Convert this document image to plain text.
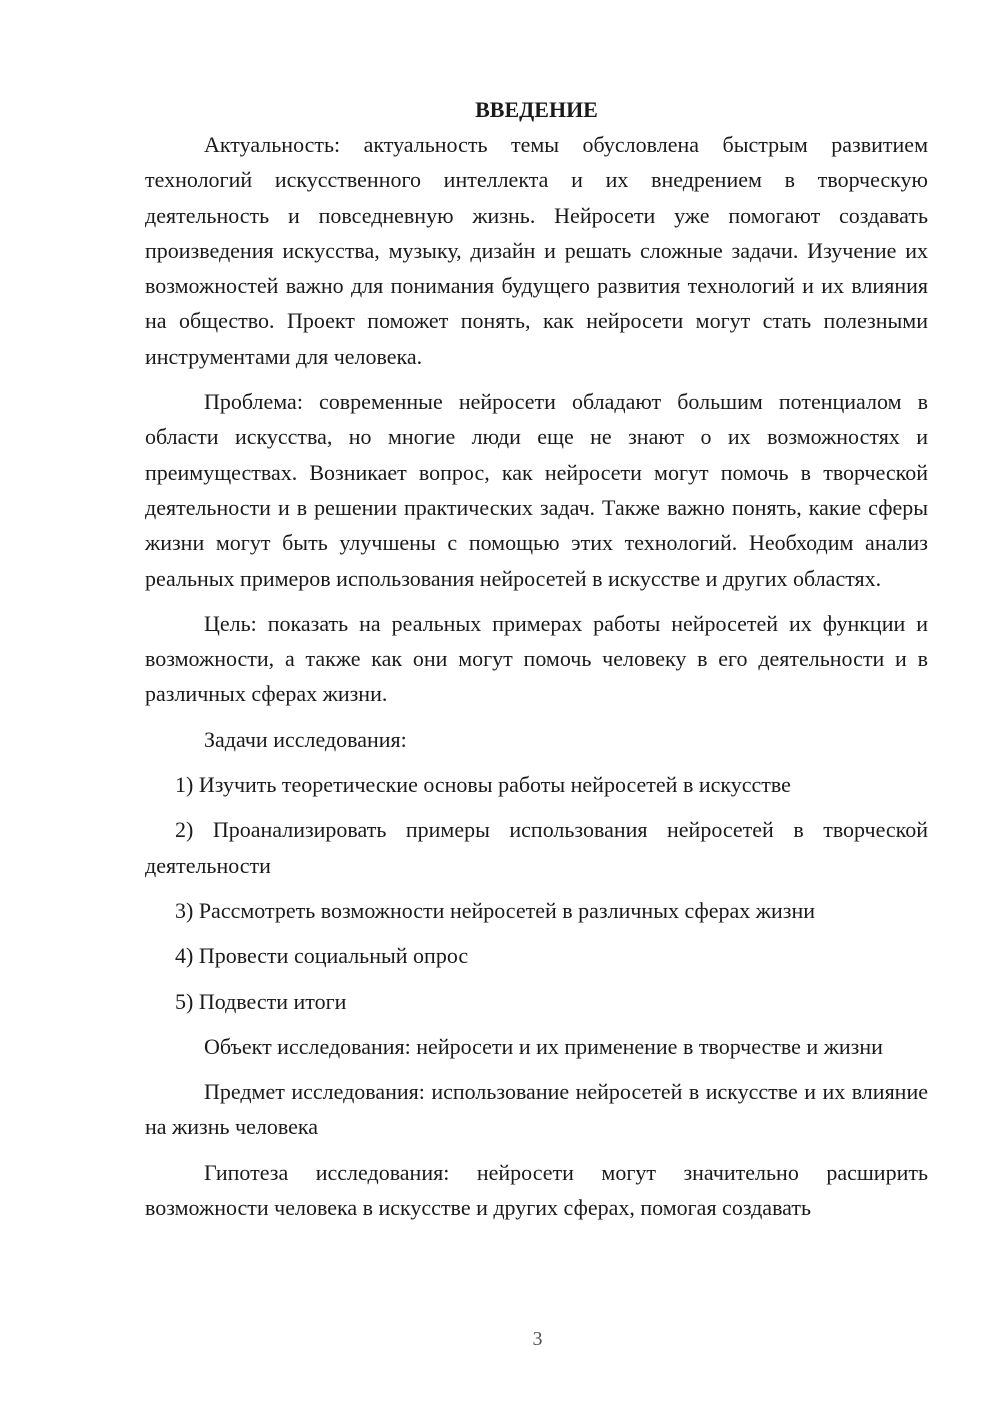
ВВЕДЕНИЕ

Актуальность: актуальность темы обусловлена быстрым развитием технологий искусственного интеллекта и их внедрением в творческую деятельность и повседневную жизнь. Нейросети уже помогают создавать произведения искусства, музыку, дизайн и решать сложные задачи. Изучение их возможностей важно для понимания будущего развития технологий и их влияния на общество. Проект поможет понять, как нейросети могут стать полезными инструментами для человека.

Проблема: современные нейросети обладают большим потенциалом в области искусства, но многие люди еще не знают о их возможностях и преимуществах. Возникает вопрос, как нейросети могут помочь в творческой деятельности и в решении практических задач. Также важно понять, какие сферы жизни могут быть улучшены с помощью этих технологий. Необходим анализ реальных примеров использования нейросетей в искусстве и других областях.

Цель: показать на реальных примерах работы нейросетей их функции и возможности, а также как они могут помочь человеку в его деятельности и в различных сферах жизни.

Задачи исследования:

1) Изучить теоретические основы работы нейросетей в искусстве

2) Проанализировать примеры использования нейросетей в творческой деятельности

3) Рассмотреть возможности нейросетей в различных сферах жизни

4) Провести социальный опрос

5) Подвести итоги

Объект исследования: нейросети и их применение в творчестве и жизни

Предмет исследования: использование нейросетей в искусстве и их влияние на жизнь человека

Гипотеза исследования: нейросети могут значительно расширить возможности человека в искусстве и других сферах, помогая создавать

3
